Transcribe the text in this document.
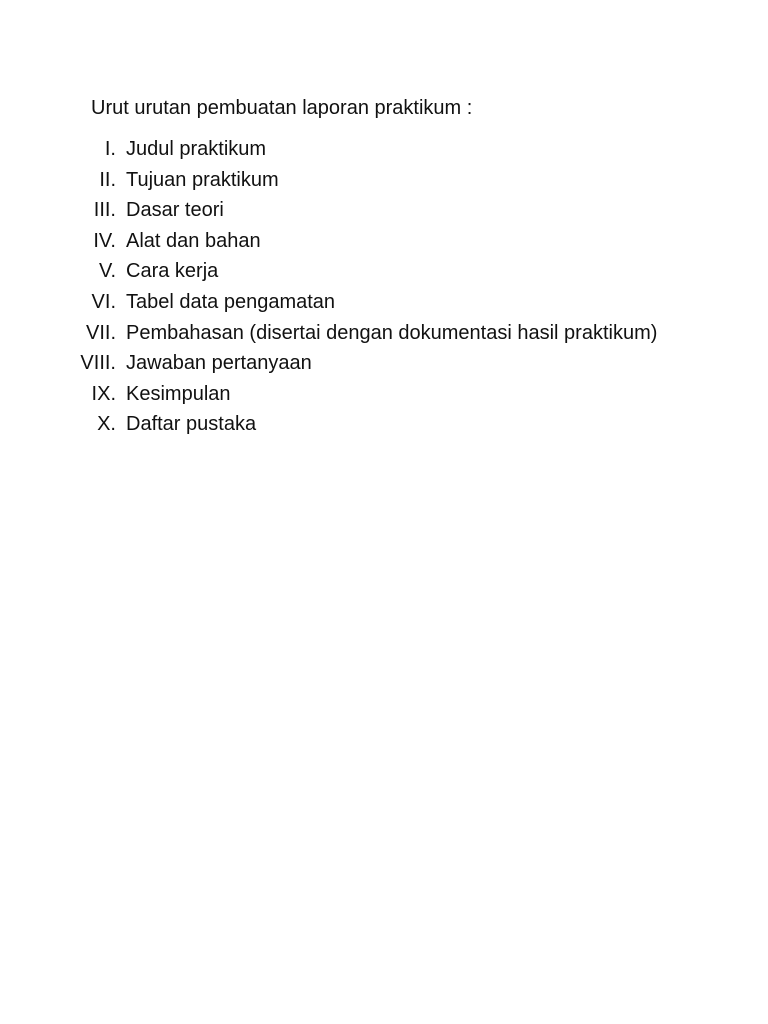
Urut urutan pembuatan laporan praktikum :
I. Judul praktikum
II. Tujuan praktikum
III. Dasar teori
IV. Alat dan bahan
V. Cara kerja
VI. Tabel data pengamatan
VII. Pembahasan (disertai dengan dokumentasi hasil praktikum)
VIII. Jawaban pertanyaan
IX. Kesimpulan
X. Daftar pustaka
